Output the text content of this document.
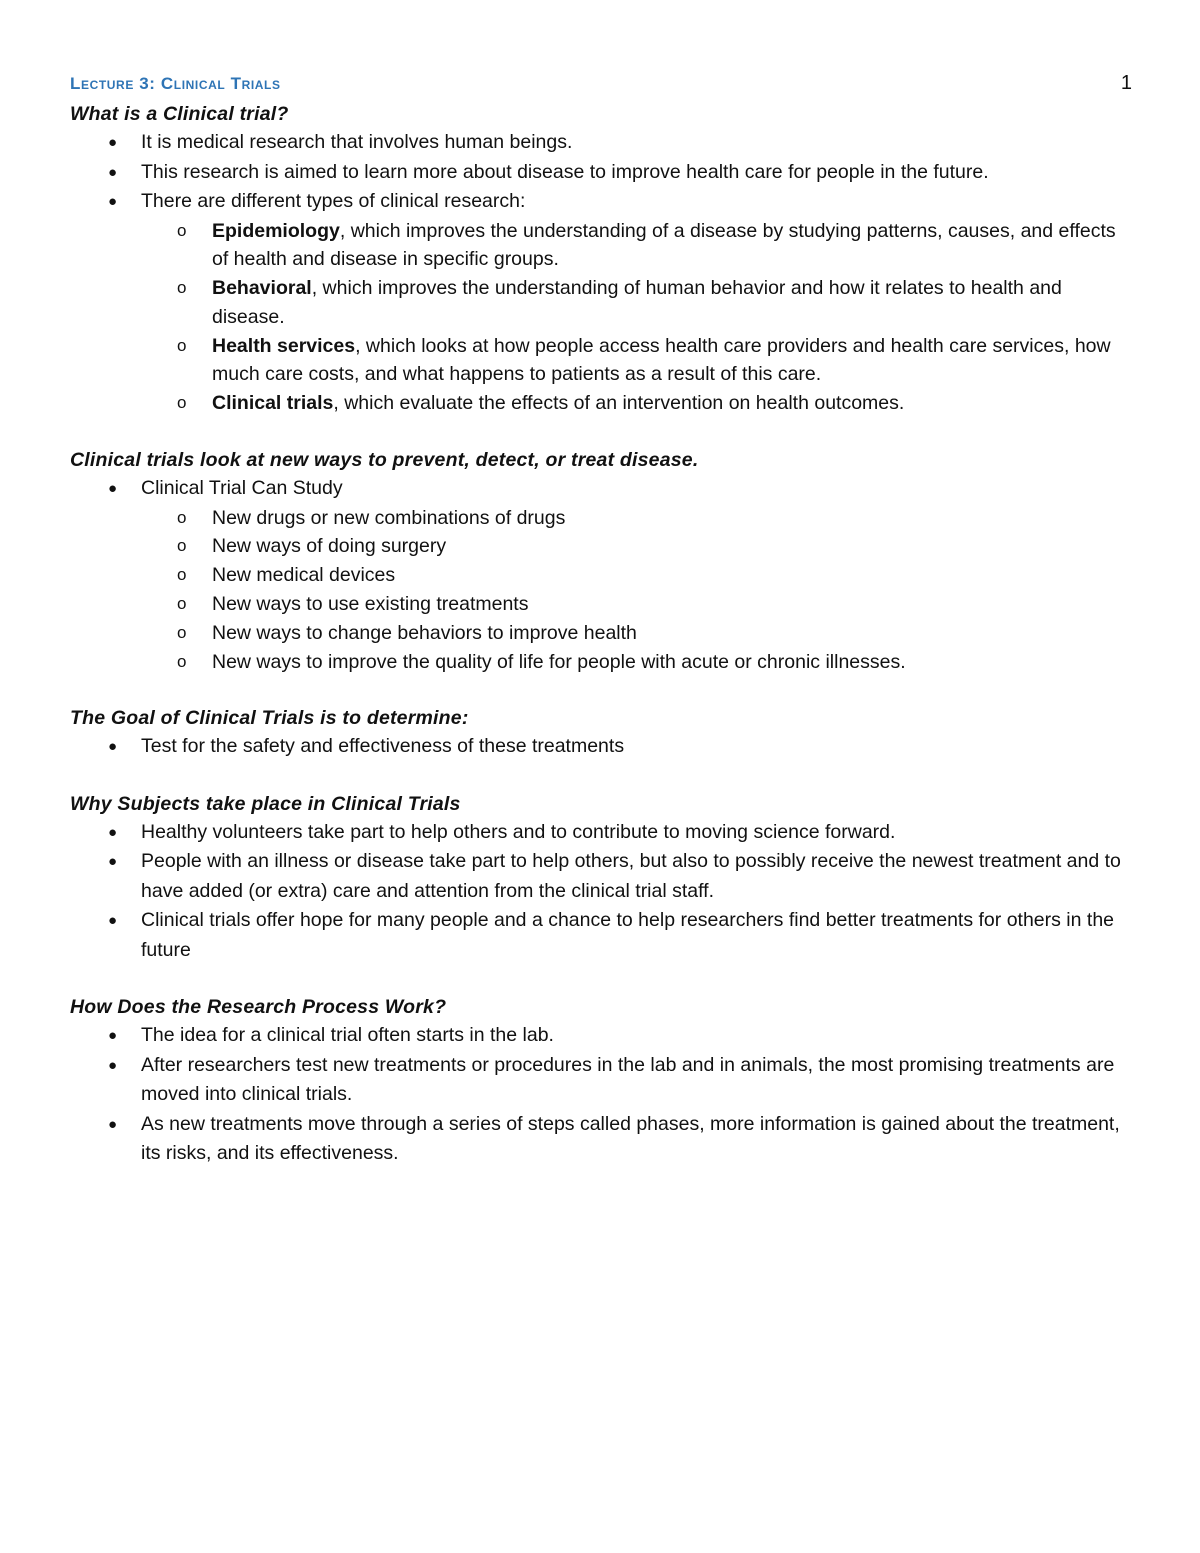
Lecture 3: Clinical Trials	1

What is a Clinical trial?

● It is medical research that involves human beings.
● This research is aimed to learn more about disease to improve health care for people in the future.
● There are different types of clinical research:
o Epidemiology, which improves the understanding of a disease by studying patterns, causes, and effects of health and disease in specific groups.
o Behavioral, which improves the understanding of human behavior and how it relates to health and disease.
o Health services, which looks at how people access health care providers and health care services, how much care costs, and what happens to patients as a result of this care.
o Clinical trials, which evaluate the effects of an intervention on health outcomes.

Clinical trials look at new ways to prevent, detect, or treat disease.

● Clinical Trial Can Study
o New drugs or new combinations of drugs
o New ways of doing surgery
o New medical devices
o New ways to use existing treatments
o New ways to change behaviors to improve health
o New ways to improve the quality of life for people with acute or chronic illnesses.

The Goal of Clinical Trials is to determine:

● Test for the safety and effectiveness of these treatments

Why Subjects take place in Clinical Trials

● Healthy volunteers take part to help others and to contribute to moving science forward.
● People with an illness or disease take part to help others, but also to possibly receive the newest treatment and to have added (or extra) care and attention from the clinical trial staff.
● Clinical trials offer hope for many people and a chance to help researchers find better treatments for others in the future

How Does the Research Process Work?

● The idea for a clinical trial often starts in the lab.
● After researchers test new treatments or procedures in the lab and in animals, the most promising treatments are moved into clinical trials.
● As new treatments move through a series of steps called phases, more information is gained about the treatment, its risks, and its effectiveness.
